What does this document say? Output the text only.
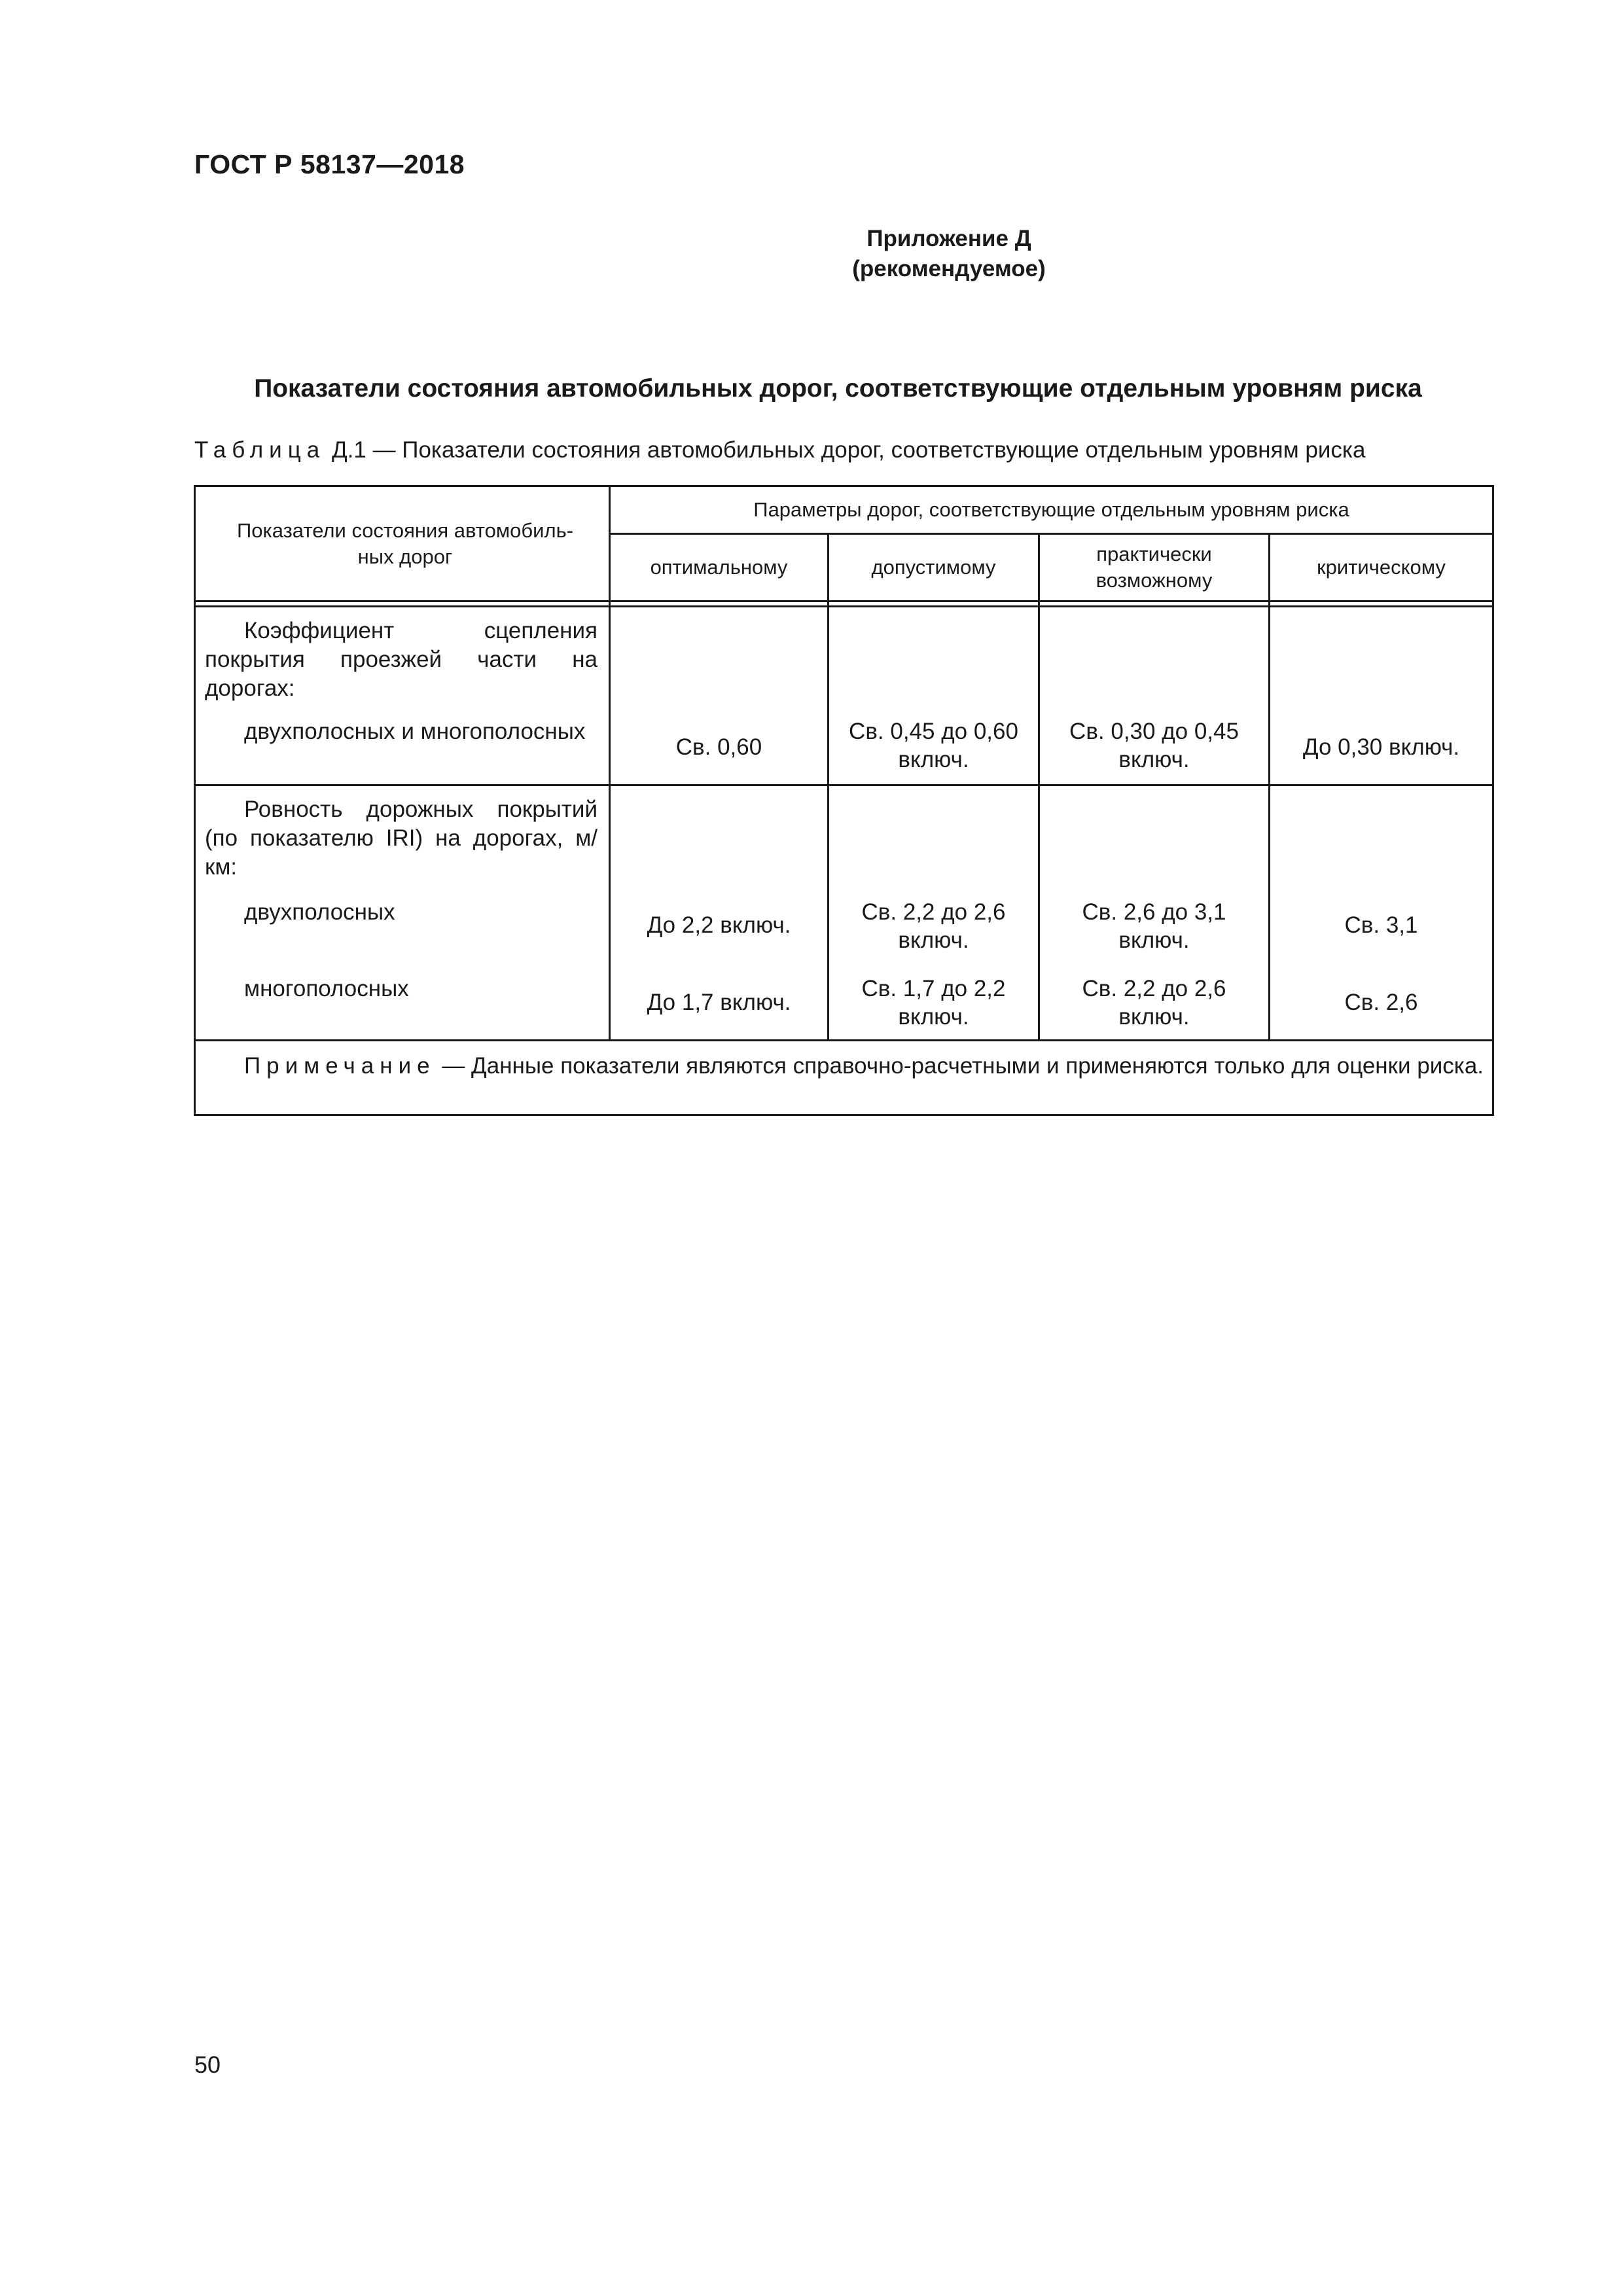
ГОСТ Р 58137—2018
Приложение Д
(рекомендуемое)
Показатели состояния автомобильных дорог, соответствующие отдельным уровням риска
Таблица Д.1 — Показатели состояния автомобильных дорог, соответствующие отдельным уровням риска
Показатели состояния автомобиль-ных дорог
Параметры дорог, соответствующие отдельным уровням риска
оптимальному	допустимому
практически возможному
критическому
Коэффициент сцепления покрытия проезжей части на дорогах:
двухполосных и многополосных
Св. 0,60
Св. 0,45 до 0,60 включ.
Св. 0,30 до 0,45 включ.	До 0,30 включ.
Ровность дорожных покрытий (по показателю IRI) на дорогах, м/км:
двухполосных
До 2,2 включ.
Св. 2,2 до 2,6 включ.
Св. 2,6 до 3,1 включ.
Св. 3,1
многополосных
До 1,7 включ.
Св. 1,7 до 2,2 включ.
Св. 2,2 до 2,6 включ.
Св. 2,6
Примечание — Данные показатели являются справочно-расчетными и применяются только для оценки риска.
50
